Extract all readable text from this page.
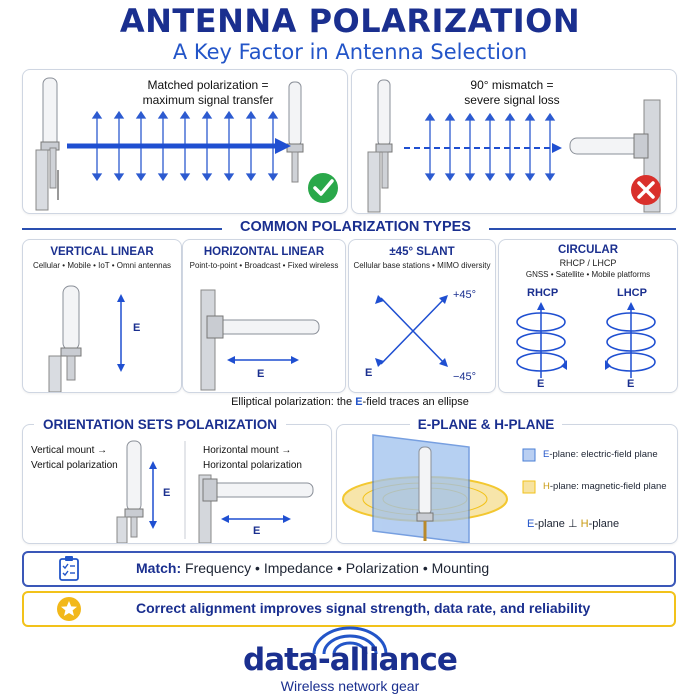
ANTENNA POLARIZATION
A Key Factor in Antenna Selection
Matched polarization =
maximum signal transfer
90° mismatch =
severe signal loss
COMMON POLARIZATION TYPES
VERTICAL LINEAR
Cellular • Mobile • IoT • Omni antennas
E
HORIZONTAL LINEAR
Point-to-point • Broadcast • Fixed wireless
E
±45° SLANT
Cellular base stations • MIMO diversity
+45°
−45°
E
CIRCULAR
RHCP / LHCP
GNSS • Satellite • Mobile platforms
RHCP	LHCP
E	E
Elliptical polarization: the E-field traces an ellipse
Vertical mount →
Vertical polarization
Horizontal mount →
Horizontal polarization
E
E
ORIENTATION SETS POLARIZATION
E-plane: electric-field plane
H-plane: magnetic-field plane
E-plane ⊥ H-plane
E-PLANE & H-PLANE
Match: Frequency • Impedance • Polarization • Mounting
Correct alignment improves signal strength, data rate, and reliability
data-alliance
Wireless network gear
